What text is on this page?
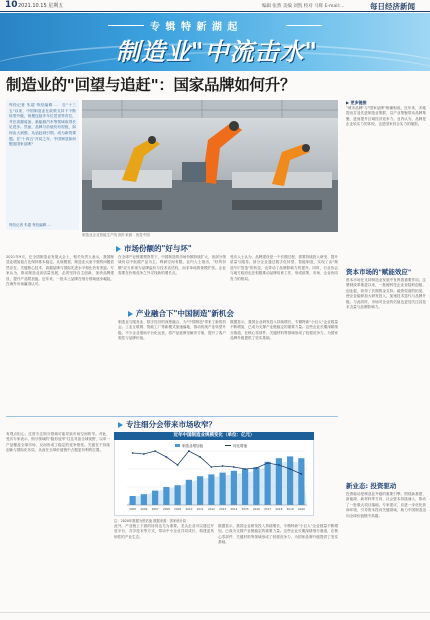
10 2021.10.15 星期五	编辑 张然 美编 刘凯 校对 马辉 E-mail:...	每日经济新闻
专 辑 特 新 湖 起
制造业"中流击水"
制造业的"回望与追赶"：国家品牌如何升？
每经记者 朱超 每经编辑 ...　自"十三五"以来，中国制造业在政策支持下不断转型升级，规模连续多年位居世界首位，并在高端装备、新能源汽车等领域取得长足进步。然而，品牌与价值仍有短板，如何由大到强、从追赶到引领，成为新的课题。在"十四五"开局之年，中国制造如何锻造国家品牌？
每经记者 朱超 每经编辑 ...
制造业企业智能生产线 图片来源：视觉中国
▶ 更多链接
"城市品牌"与"国家品牌"相辅相成。近年来，多地提出打造先进制造业集群，以产业集聚带动品牌集聚，进而提升区域经济竞争力。业内认为，品牌是企业软实力的体现，也是国家综合实力的缩影。
资本市场的"赋能效应"
资本市场在支持制造业发展中发挥着重要作用。注册制改革推进以来，一批硬科技企业登陆科创板、创业板，获得了长期资金支持。融资渠道的拓宽，使企业能够加大研发投入，加速技术迭代与品牌升级。与此同时，市场对企业的估值也更加关注其技术含量与品牌影响力。
新业态: 投资驱动
投资驱动是制造业升级的重要引擎。围绕新基建、新能源、新材料等方向，社会资本持续涌入，推动了一批重大项目落地。专家建议，应进一步优化营商环境，引导资本投向关键领域，助力中国制造迈向全球价值链中高端。
市场份额的"好与坏"
2021年9月，在全国制造业发展大会上，相关负责人表示，我国制造业增加值占比保持基本稳定。从规模看，制造业大而不强的问题依然存在，关键核心技术、高端品牌与国际先进水平相比仍有差距。专家认为，推动制造业高质量发展，必须坚持自主创新，加快品牌建设，提升产品附加值。近年来，一批本土品牌在细分领域逐步崛起，在海外市场赢得认可。
在全球产业链重塑背景下，中国制造的市场份额持续扩大，但部分领域仍以中低端产品为主，利润空间有限。业内人士指出，"好的份额"应当体现为品牌溢价与技术话语权，而非单纯的规模扩张。企业需要在价格竞争之外寻找新的增长点。
受访人士认为，品牌建设是一个长期过程，需要持续投入研发、提升质量与服务。部分企业通过数字化转型、智能制造，实现了由"制造"向"智造"的转变，也带动了品牌影响力的提升。同时，行业协会与地方政府也在积极推动品牌培育工作，形成政策、市场、企业协同发力的格局。
产业融合下"中国制造"新机会
制造业与服务业、数字经济的深度融合，为"中国制造"带来了新的机会。工业互联网、智能工厂等新模式加速落地，推动传统产业转型升级。不少企业借助平台化运营，将产品延伸至解决方案，提升了客户黏性与品牌价值。
数据显示，我国企业研发投入持续增长，专精特新"小巨人"企业数量不断增加，已成为支撑产业链稳定的重要力量。这些企业长期深耕细分赛道，在核心零部件、关键材料等领域形成了较强竞争力，为国家品牌升级提供了坚实基础。
专注细分会带来市场收窄？
有观点担心，过度专注细分领域可能导致市场空间收窄。对此，受访专家表示，细分领域的"隐形冠军"往往具备全球视野，以单一产品覆盖全球市场，反而形成了稳定的竞争壁垒。关键在于持续创新与国际化布局，从而在全球价值链中占据更有利的位置。
此外，产业链上下游的协同也尤为重要。龙头企业可以通过开放平台、共享技术等方式，带动中小企业共同成长，构建更具韧性的产业生态。
数据显示，我国企业研发投入持续增长，专精特新"小巨人"企业数量不断增加，已成为支撑产业链稳定的重要力量。这些企业长期深耕细分赛道，在核心零部件、关键材料等领域形成了较强竞争力，为国家品牌升级提供了坚实基础。
制造业增加值	同比增速
2005 2006 2007 2008 2009 2010 2011 2012 2013 2014 2015 2016 2017 2018 2019 2020
近年中国制造业规模变化（单位：亿元）
注：2020年数据为预估值 数据来源：国家统计局
